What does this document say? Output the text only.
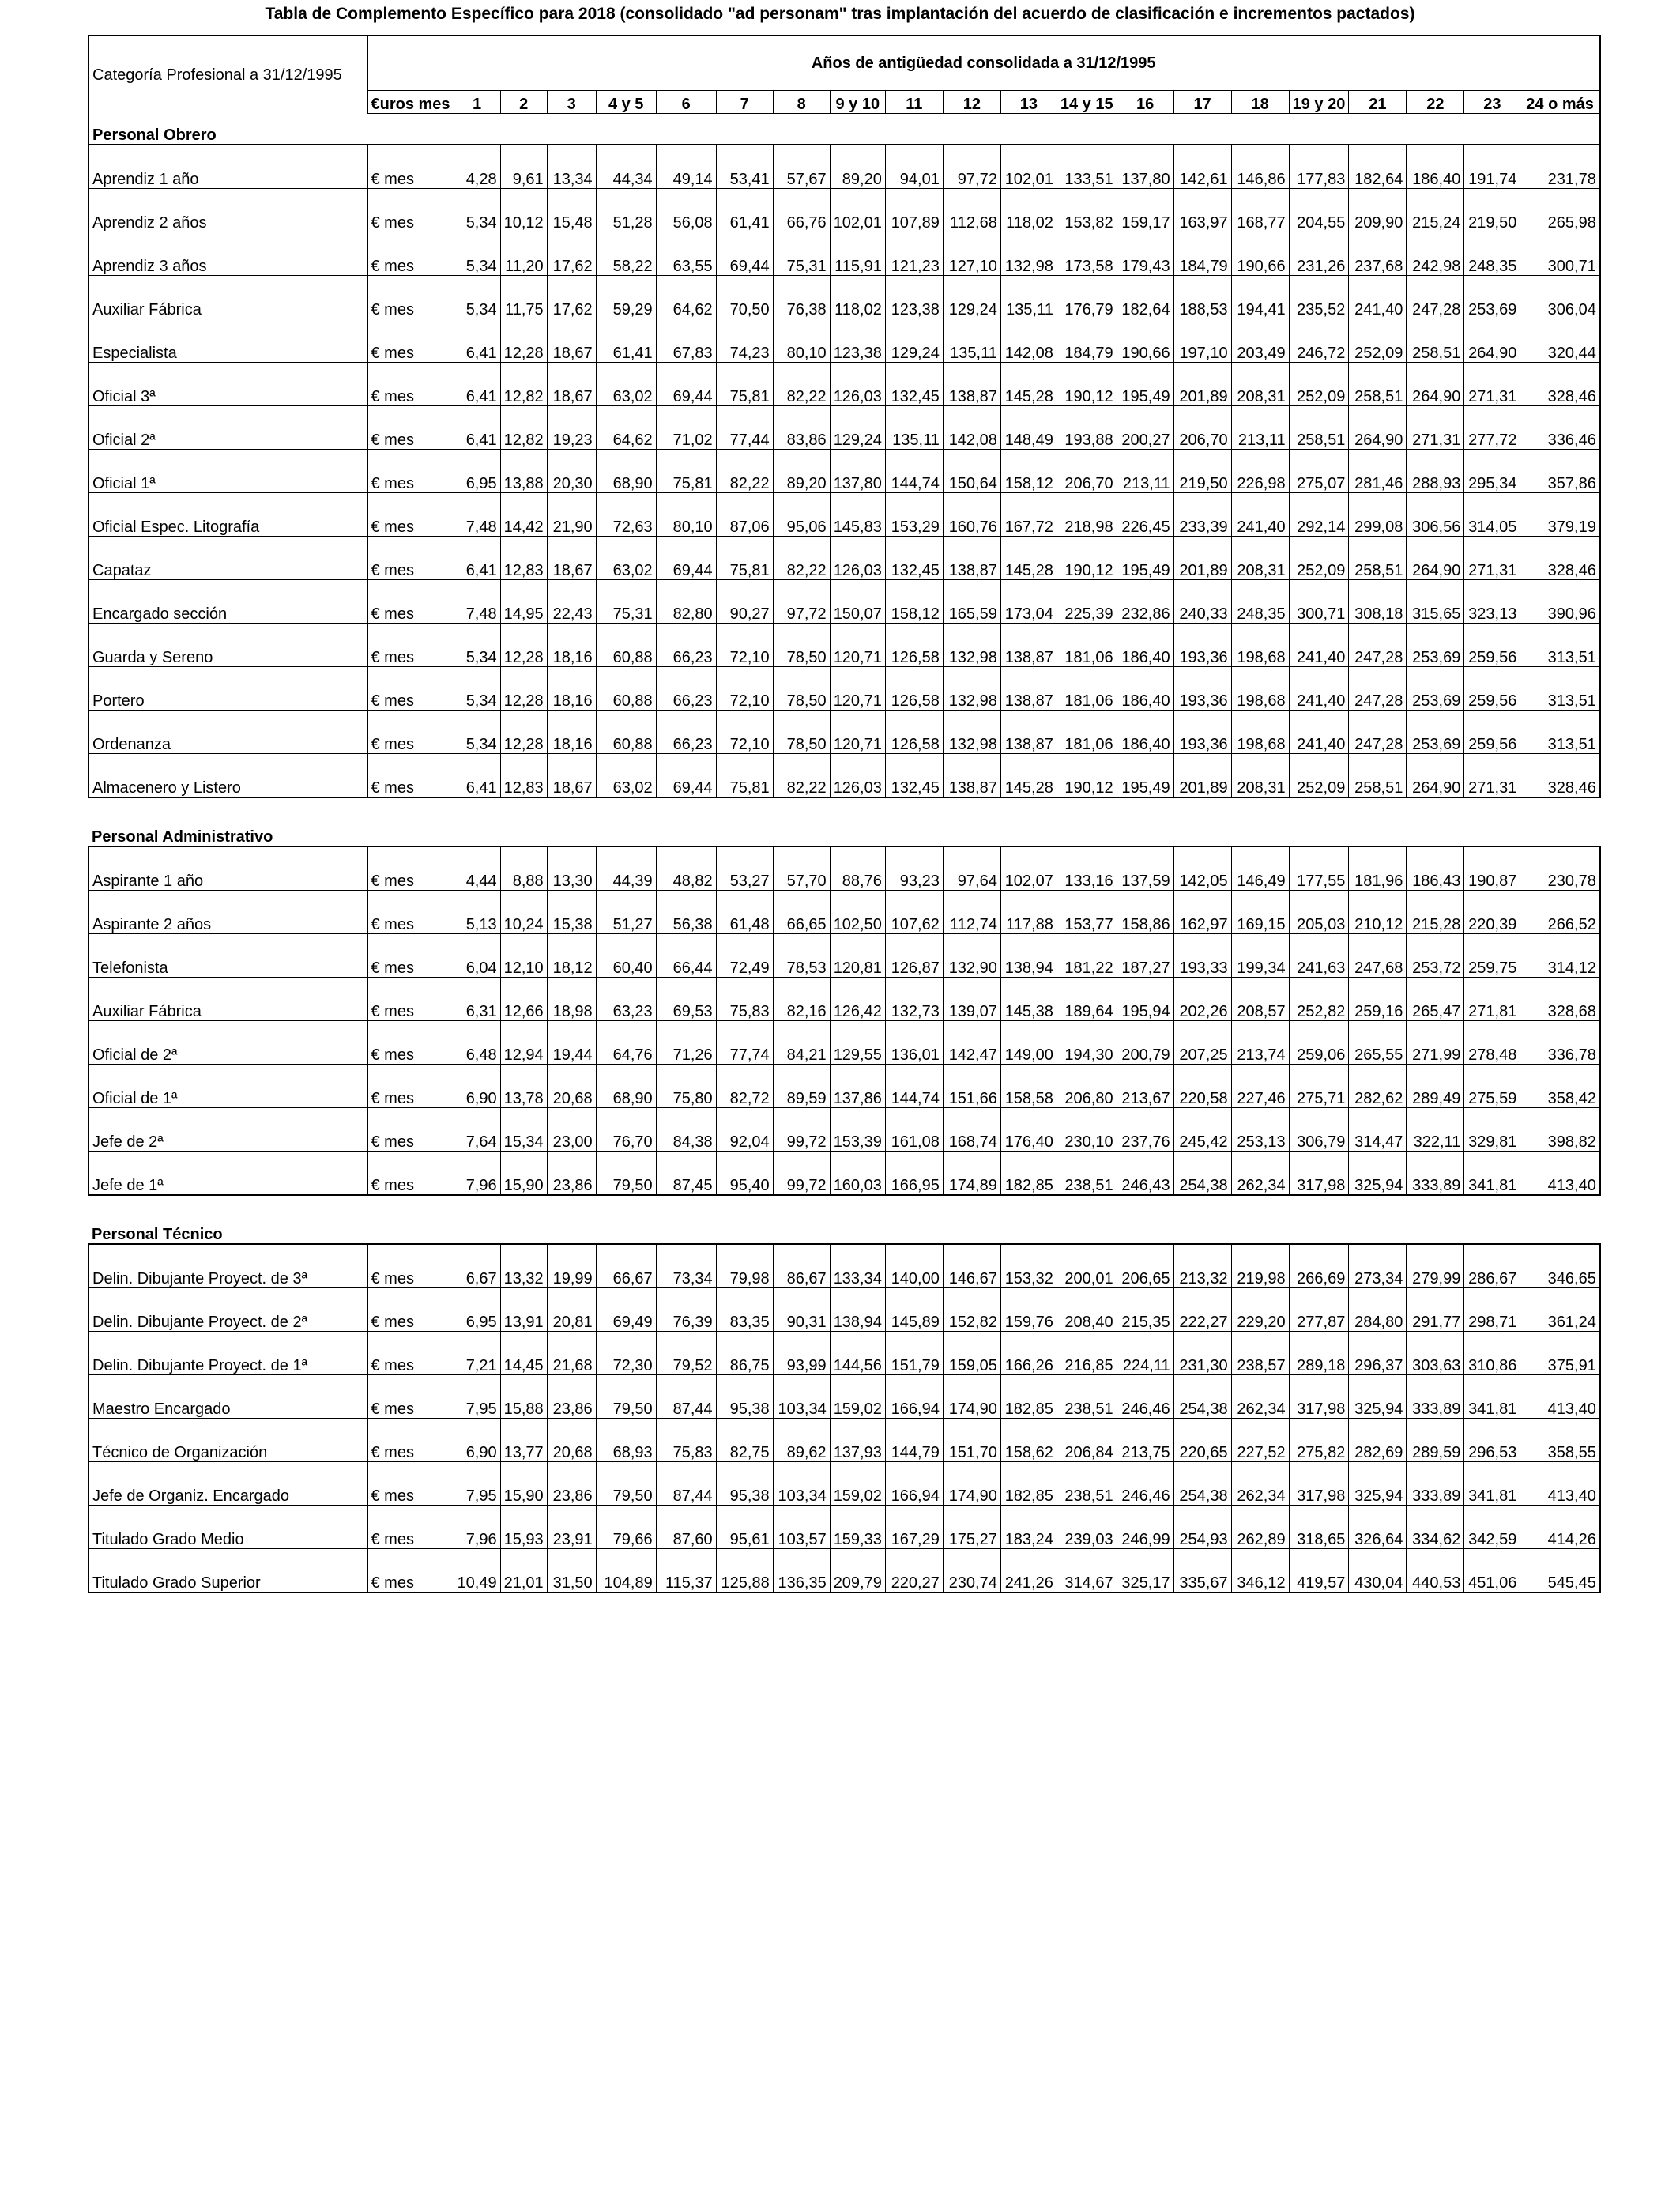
Tabla de Complemento Específico para 2018 (consolidado "ad personam" tras implantación del acuerdo de clasificación e incrementos pactados)
Categoría Profesional a 31/12/1995	Años de antigüedad consolidada a 31/12/1995																				
	€uros mes	1	2	3	4 y 5	6	7	8	9 y 10	11	12	13	14 y 15	16	17	18	19 y 20	21	22	23	24 o más
Personal Obrero																					
Aprendiz 1 año	€ mes	4,28	9,61	13,34	44,34	49,14	53,41	57,67	89,20	94,01	97,72	102,01	133,51	137,80	142,61	146,86	177,83	182,64	186,40	191,74	231,78
Aprendiz 2 años	€ mes	5,34	10,12	15,48	51,28	56,08	61,41	66,76	102,01	107,89	112,68	118,02	153,82	159,17	163,97	168,77	204,55	209,90	215,24	219,50	265,98
Aprendiz 3 años	€ mes	5,34	11,20	17,62	58,22	63,55	69,44	75,31	115,91	121,23	127,10	132,98	173,58	179,43	184,79	190,66	231,26	237,68	242,98	248,35	300,71
Auxiliar Fábrica	€ mes	5,34	11,75	17,62	59,29	64,62	70,50	76,38	118,02	123,38	129,24	135,11	176,79	182,64	188,53	194,41	235,52	241,40	247,28	253,69	306,04
Especialista	€ mes	6,41	12,28	18,67	61,41	67,83	74,23	80,10	123,38	129,24	135,11	142,08	184,79	190,66	197,10	203,49	246,72	252,09	258,51	264,90	320,44
Oficial 3ª	€ mes	6,41	12,82	18,67	63,02	69,44	75,81	82,22	126,03	132,45	138,87	145,28	190,12	195,49	201,89	208,31	252,09	258,51	264,90	271,31	328,46
Oficial 2ª	€ mes	6,41	12,82	19,23	64,62	71,02	77,44	83,86	129,24	135,11	142,08	148,49	193,88	200,27	206,70	213,11	258,51	264,90	271,31	277,72	336,46
Oficial 1ª	€ mes	6,95	13,88	20,30	68,90	75,81	82,22	89,20	137,80	144,74	150,64	158,12	206,70	213,11	219,50	226,98	275,07	281,46	288,93	295,34	357,86
Oficial Espec. Litografía	€ mes	7,48	14,42	21,90	72,63	80,10	87,06	95,06	145,83	153,29	160,76	167,72	218,98	226,45	233,39	241,40	292,14	299,08	306,56	314,05	379,19
Capataz	€ mes	6,41	12,83	18,67	63,02	69,44	75,81	82,22	126,03	132,45	138,87	145,28	190,12	195,49	201,89	208,31	252,09	258,51	264,90	271,31	328,46
Encargado sección	€ mes	7,48	14,95	22,43	75,31	82,80	90,27	97,72	150,07	158,12	165,59	173,04	225,39	232,86	240,33	248,35	300,71	308,18	315,65	323,13	390,96
Guarda y Sereno	€ mes	5,34	12,28	18,16	60,88	66,23	72,10	78,50	120,71	126,58	132,98	138,87	181,06	186,40	193,36	198,68	241,40	247,28	253,69	259,56	313,51
Portero	€ mes	5,34	12,28	18,16	60,88	66,23	72,10	78,50	120,71	126,58	132,98	138,87	181,06	186,40	193,36	198,68	241,40	247,28	253,69	259,56	313,51
Ordenanza	€ mes	5,34	12,28	18,16	60,88	66,23	72,10	78,50	120,71	126,58	132,98	138,87	181,06	186,40	193,36	198,68	241,40	247,28	253,69	259,56	313,51
Almacenero y Listero	€ mes	6,41	12,83	18,67	63,02	69,44	75,81	82,22	126,03	132,45	138,87	145,28	190,12	195,49	201,89	208,31	252,09	258,51	264,90	271,31	328,46

Personal Administrativo																					
Aspirante 1 año	€ mes	4,44	8,88	13,30	44,39	48,82	53,27	57,70	88,76	93,23	97,64	102,07	133,16	137,59	142,05	146,49	177,55	181,96	186,43	190,87	230,78
Aspirante 2 años	€ mes	5,13	10,24	15,38	51,27	56,38	61,48	66,65	102,50	107,62	112,74	117,88	153,77	158,86	162,97	169,15	205,03	210,12	215,28	220,39	266,52
Telefonista	€ mes	6,04	12,10	18,12	60,40	66,44	72,49	78,53	120,81	126,87	132,90	138,94	181,22	187,27	193,33	199,34	241,63	247,68	253,72	259,75	314,12
Auxiliar Fábrica	€ mes	6,31	12,66	18,98	63,23	69,53	75,83	82,16	126,42	132,73	139,07	145,38	189,64	195,94	202,26	208,57	252,82	259,16	265,47	271,81	328,68
Oficial de 2ª	€ mes	6,48	12,94	19,44	64,76	71,26	77,74	84,21	129,55	136,01	142,47	149,00	194,30	200,79	207,25	213,74	259,06	265,55	271,99	278,48	336,78
Oficial de 1ª	€ mes	6,90	13,78	20,68	68,90	75,80	82,72	89,59	137,86	144,74	151,66	158,58	206,80	213,67	220,58	227,46	275,71	282,62	289,49	275,59	358,42
Jefe de 2ª	€ mes	7,64	15,34	23,00	76,70	84,38	92,04	99,72	153,39	161,08	168,74	176,40	230,10	237,76	245,42	253,13	306,79	314,47	322,11	329,81	398,82
Jefe de 1ª	€ mes	7,96	15,90	23,86	79,50	87,45	95,40	99,72	160,03	166,95	174,89	182,85	238,51	246,43	254,38	262,34	317,98	325,94	333,89	341,81	413,40

Personal Técnico																					
Delin. Dibujante Proyect. de 3ª	€ mes	6,67	13,32	19,99	66,67	73,34	79,98	86,67	133,34	140,00	146,67	153,32	200,01	206,65	213,32	219,98	266,69	273,34	279,99	286,67	346,65
Delin. Dibujante Proyect. de 2ª	€ mes	6,95	13,91	20,81	69,49	76,39	83,35	90,31	138,94	145,89	152,82	159,76	208,40	215,35	222,27	229,20	277,87	284,80	291,77	298,71	361,24
Delin. Dibujante Proyect. de 1ª	€ mes	7,21	14,45	21,68	72,30	79,52	86,75	93,99	144,56	151,79	159,05	166,26	216,85	224,11	231,30	238,57	289,18	296,37	303,63	310,86	375,91
Maestro Encargado	€ mes	7,95	15,88	23,86	79,50	87,44	95,38	103,34	159,02	166,94	174,90	182,85	238,51	246,46	254,38	262,34	317,98	325,94	333,89	341,81	413,40
Técnico de Organización	€ mes	6,90	13,77	20,68	68,93	75,83	82,75	89,62	137,93	144,79	151,70	158,62	206,84	213,75	220,65	227,52	275,82	282,69	289,59	296,53	358,55
Jefe de Organiz. Encargado	€ mes	7,95	15,90	23,86	79,50	87,44	95,38	103,34	159,02	166,94	174,90	182,85	238,51	246,46	254,38	262,34	317,98	325,94	333,89	341,81	413,40
Titulado Grado Medio	€ mes	7,96	15,93	23,91	79,66	87,60	95,61	103,57	159,33	167,29	175,27	183,24	239,03	246,99	254,93	262,89	318,65	326,64	334,62	342,59	414,26
Titulado Grado Superior	€ mes	10,49	21,01	31,50	104,89	115,37	125,88	136,35	209,79	220,27	230,74	241,26	314,67	325,17	335,67	346,12	419,57	430,04	440,53	451,06	545,45
